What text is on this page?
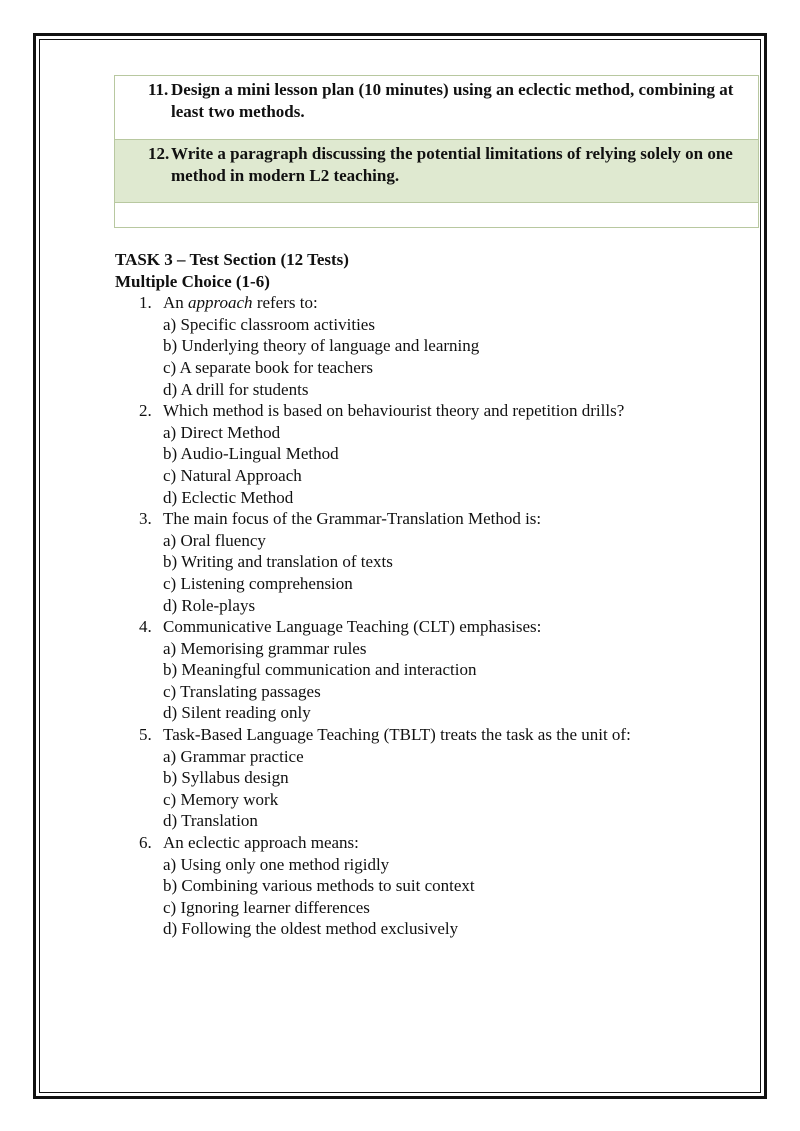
11. Design a mini lesson plan (10 minutes) using an eclectic method, combining at least two methods.
12. Write a paragraph discussing the potential limitations of relying solely on one method in modern L2 teaching.
TASK 3 – Test Section (12 Tests)
Multiple Choice (1-6)
1. An approach refers to:
a) Specific classroom activities
b) Underlying theory of language and learning
c) A separate book for teachers
d) A drill for students
2. Which method is based on behaviourist theory and repetition drills?
a) Direct Method
b) Audio-Lingual Method
c) Natural Approach
d) Eclectic Method
3. The main focus of the Grammar-Translation Method is:
a) Oral fluency
b) Writing and translation of texts
c) Listening comprehension
d) Role-plays
4. Communicative Language Teaching (CLT) emphasises:
a) Memorising grammar rules
b) Meaningful communication and interaction
c) Translating passages
d) Silent reading only
5. Task-Based Language Teaching (TBLT) treats the task as the unit of:
a) Grammar practice
b) Syllabus design
c) Memory work
d) Translation
6. An eclectic approach means:
a) Using only one method rigidly
b) Combining various methods to suit context
c) Ignoring learner differences
d) Following the oldest method exclusively
